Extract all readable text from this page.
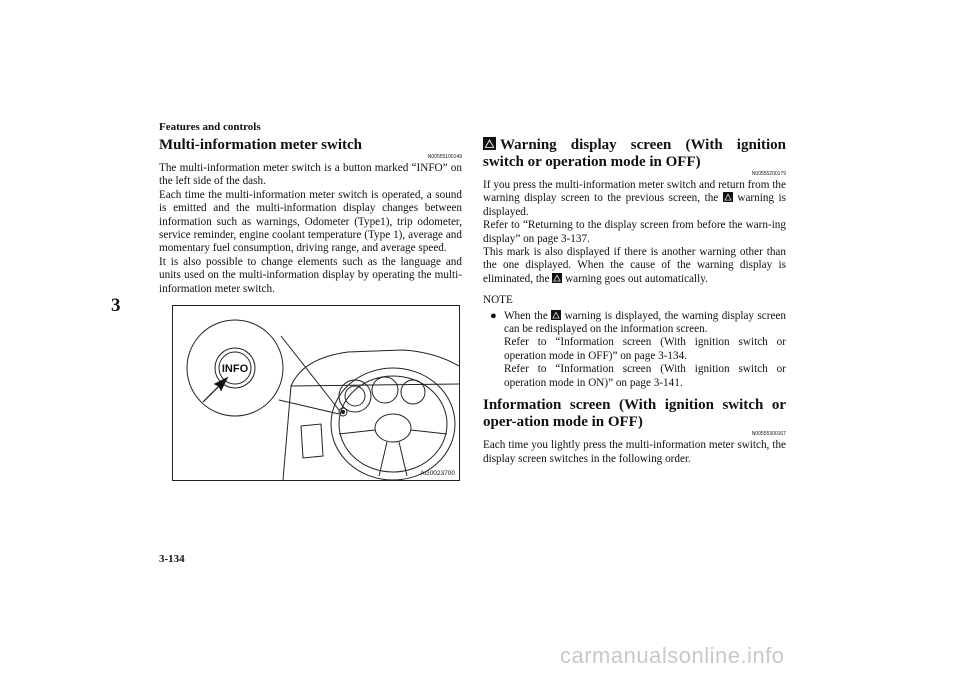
3
Features and controls

Multi-information meter switch

N00555100149

The multi-information meter switch is a button marked “INFO” on the left side of the dash.

Each time the multi-information meter switch is operated, a sound is emitted and the multi-information display changes between information such as warnings, Odometer (Type1), trip odometer, service reminder, engine coolant temperature (Type 1), average and momentary fuel consumption, driving range, and average speed.

It is also possible to change elements such as the language and units used on the multi-information display by operating the multi-information meter switch.

INFO
AG0023700

Warning display screen (With ignition switch or operation mode in OFF)

N00555200179

If you press the multi-information meter switch and return from the warning display screen to the previous screen, the warning is displayed.

Refer to “Returning to the display screen from before the warn-ing display” on page 3-137.

This mark is also displayed if there is another warning other than the one displayed. When the cause of the warning display is eliminated, the warning goes out automatically.

NOTE

● When the warning is displayed, the warning display screen can be redisplayed on the information screen.
Refer to “Information screen (With ignition switch or operation mode in OFF)” on page 3-134.
Refer to “Information screen (With ignition switch or operation mode in ON)” on page 3-141.

Information screen (With ignition switch or oper-ation mode in OFF)

N00555300167

Each time you lightly press the multi-information meter switch, the display screen switches in the following order.

3-134
carmanualsonline.info
